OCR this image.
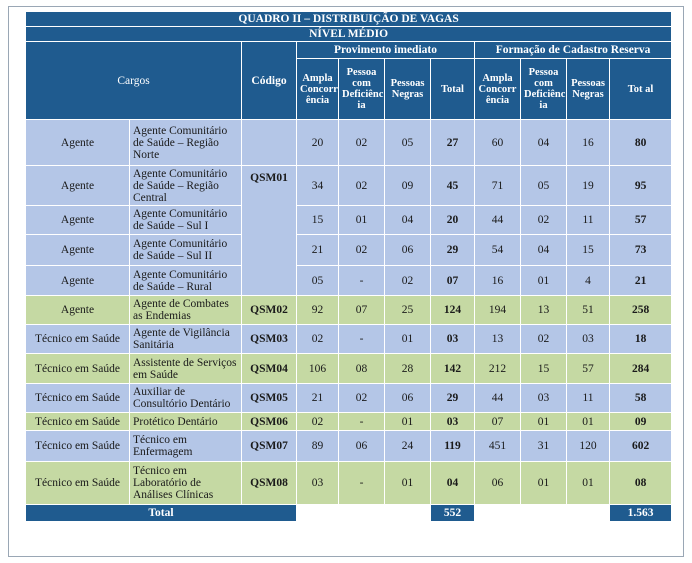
QUADRO II – DISTRIBUIÇÃO DE VAGAS										
NÍVEL MÉDIO										
Cargos		Código	Provimento imediato				Formação de Cadastro Reserva			
			Ampla Concorr ência	Pessoa com Deficiênc ia	Pessoas Negras	Total	Ampla Concorr ência	Pessoa com Deficiênc ia	Pessoas Negras	Tot al
Agente	Agente Comunitário de Saúde – Região Norte		20	02	05	27	60	04	16	80
Agente	Agente Comunitário de Saúde – Região Central	QSM01	34	02	09	45	71	05	19	95
Agente	Agente Comunitário de Saúde – Sul I		15	01	04	20	44	02	11	57
Agente	Agente Comunitário de Saúde – Sul II		21	02	06	29	54	04	15	73
Agente	Agente Comunitário de Saúde – Rural		05	-	02	07	16	01	4	21
Agente	Agente de Combates as Endemias	QSM02	92	07	25	124	194	13	51	258
Técnico em Saúde	Agente de Vigilância Sanitária	QSM03	02	-	01	03	13	02	03	18
Técnico em Saúde	Assistente de Serviços em Saúde	QSM04	106	08	28	142	212	15	57	284
Técnico em Saúde	Auxiliar de Consultório Dentário	QSM05	21	02	06	29	44	03	11	58
Técnico em Saúde	Protético Dentário	QSM06	02	-	01	03	07	01	01	09
Técnico em Saúde	Técnico em Enfermagem	QSM07	89	06	24	119	451	31	120	602
Técnico em Saúde	Técnico em Laboratório de Análises Clínicas	QSM08	03	-	01	04	06	01	01	08
Total						552				1.563
